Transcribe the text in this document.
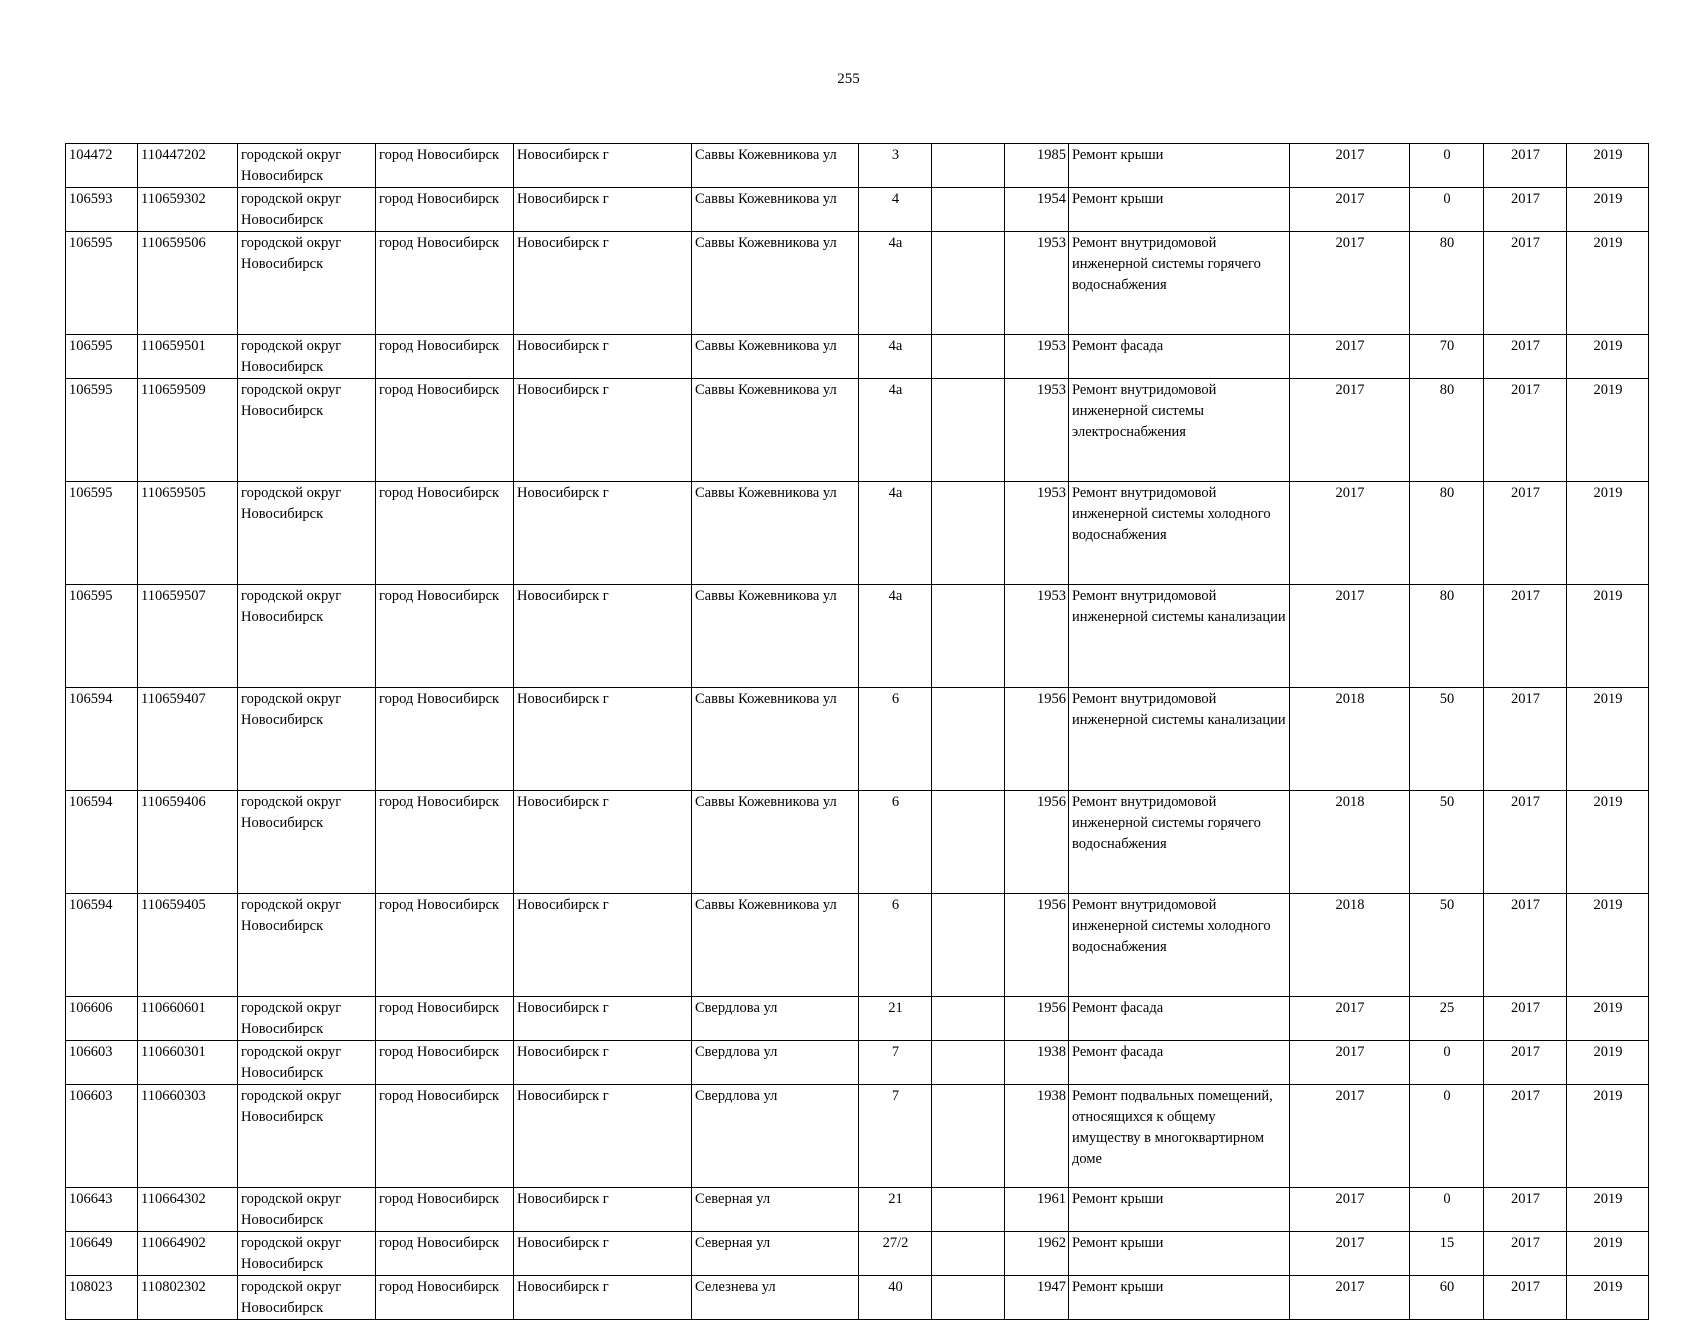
255
104472	110447202	городской округ Новосибирск	город Новосибирск	Новосибирск г	Саввы Кожевникова ул	3		1985	Ремонт крыши	2017	0	2017	2019
106593	110659302	городской округ Новосибирск	город Новосибирск	Новосибирск г	Саввы Кожевникова ул	4		1954	Ремонт крыши	2017	0	2017	2019
106595	110659506	городской округ Новосибирск	город Новосибирск	Новосибирск г	Саввы Кожевникова ул	4а		1953	Ремонт внутридомовой инженерной системы горячего водоснабжения	2017	80	2017	2019
106595	110659501	городской округ Новосибирск	город Новосибирск	Новосибирск г	Саввы Кожевникова ул	4а		1953	Ремонт фасада	2017	70	2017	2019
106595	110659509	городской округ Новосибирск	город Новосибирск	Новосибирск г	Саввы Кожевникова ул	4а		1953	Ремонт внутридомовой инженерной системы электроснабжения	2017	80	2017	2019
106595	110659505	городской округ Новосибирск	город Новосибирск	Новосибирск г	Саввы Кожевникова ул	4а		1953	Ремонт внутридомовой инженерной системы холодного водоснабжения	2017	80	2017	2019
106595	110659507	городской округ Новосибирск	город Новосибирск	Новосибирск г	Саввы Кожевникова ул	4а		1953	Ремонт внутридомовой инженерной системы канализации	2017	80	2017	2019
106594	110659407	городской округ Новосибирск	город Новосибирск	Новосибирск г	Саввы Кожевникова ул	6		1956	Ремонт внутридомовой инженерной системы канализации	2018	50	2017	2019
106594	110659406	городской округ Новосибирск	город Новосибирск	Новосибирск г	Саввы Кожевникова ул	6		1956	Ремонт внутридомовой инженерной системы горячего водоснабжения	2018	50	2017	2019
106594	110659405	городской округ Новосибирск	город Новосибирск	Новосибирск г	Саввы Кожевникова ул	6		1956	Ремонт внутридомовой инженерной системы холодного водоснабжения	2018	50	2017	2019
106606	110660601	городской округ Новосибирск	город Новосибирск	Новосибирск г	Свердлова ул	21		1956	Ремонт фасада	2017	25	2017	2019
106603	110660301	городской округ Новосибирск	город Новосибирск	Новосибирск г	Свердлова ул	7		1938	Ремонт фасада	2017	0	2017	2019
106603	110660303	городской округ Новосибирск	город Новосибирск	Новосибирск г	Свердлова ул	7		1938	Ремонт подвальных помещений, относящихся к общему имуществу в многоквартирном доме	2017	0	2017	2019
106643	110664302	городской округ Новосибирск	город Новосибирск	Новосибирск г	Северная ул	21		1961	Ремонт крыши	2017	0	2017	2019
106649	110664902	городской округ Новосибирск	город Новосибирск	Новосибирск г	Северная ул	27/2		1962	Ремонт крыши	2017	15	2017	2019
108023	110802302	городской округ Новосибирск	город Новосибирск	Новосибирск г	Селезнева ул	40		1947	Ремонт крыши	2017	60	2017	2019
